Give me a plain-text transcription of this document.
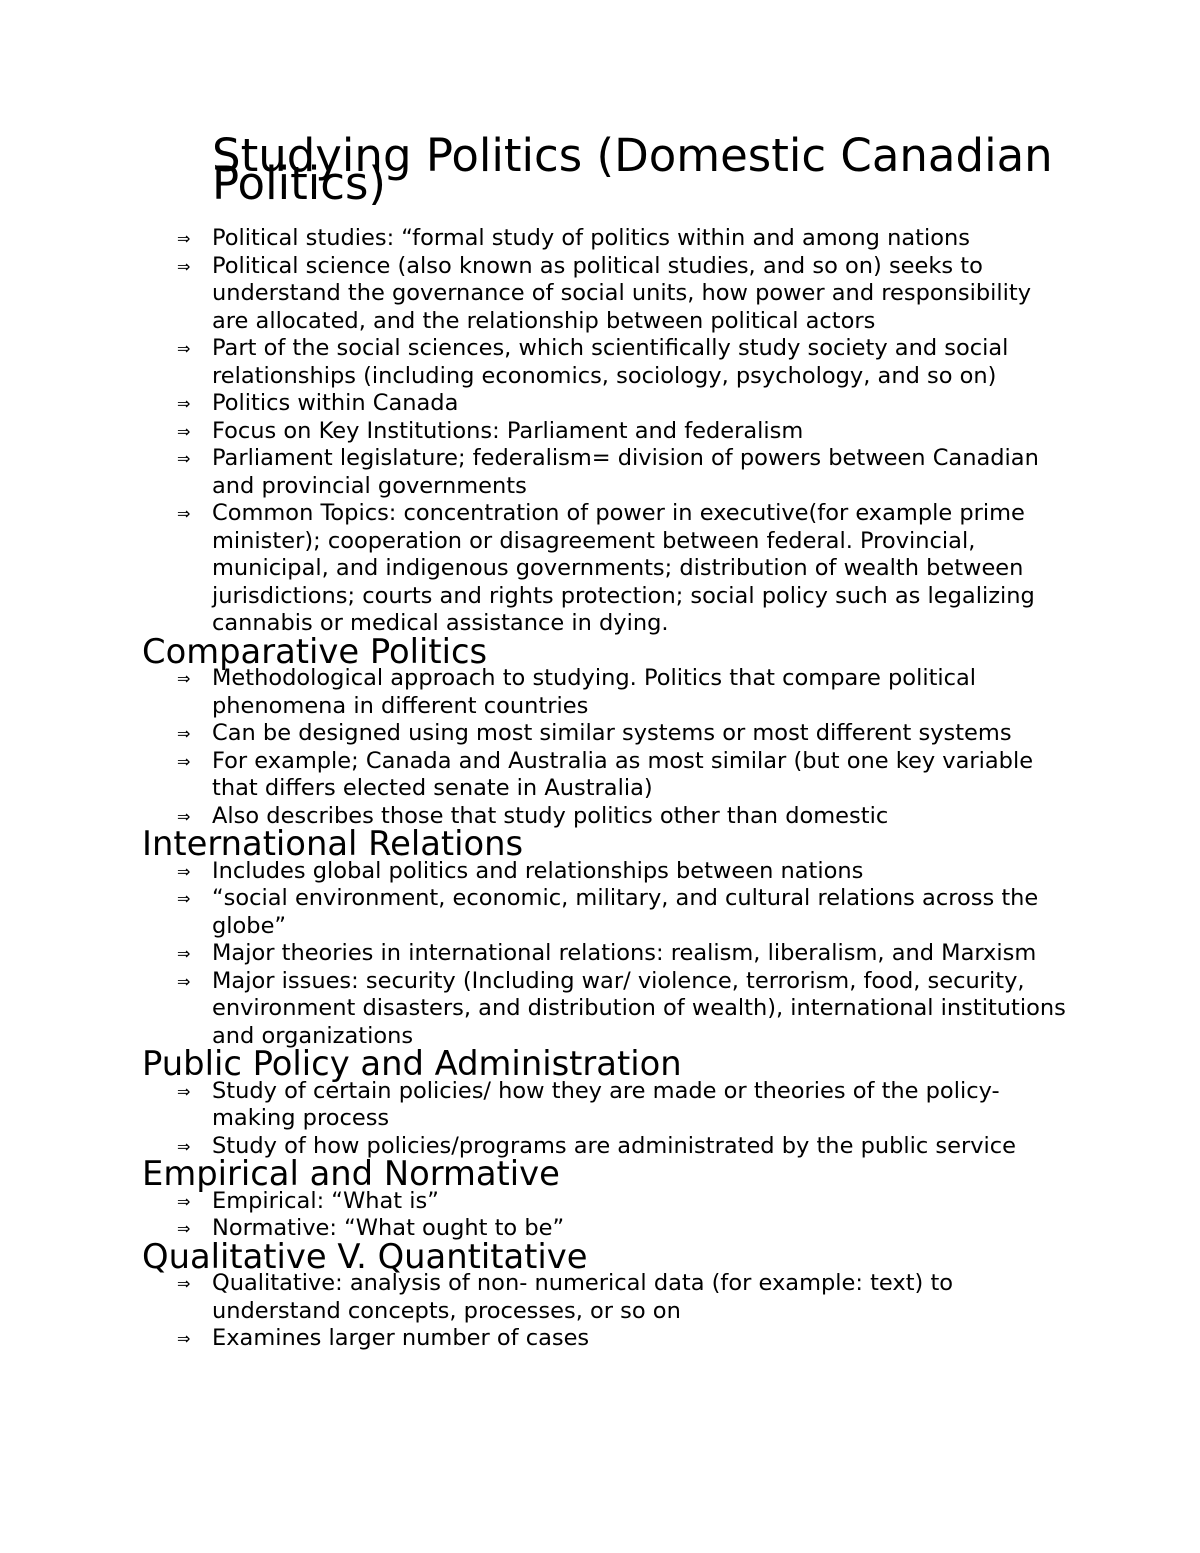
Studying Politics (Domestic Canadian Politics)
⇒ Political studies: “formal study of politics within and among nations
⇒ Political science (also known as political studies, and so on) seeks to understand the governance of social units, how power and responsibility are allocated, and the relationship between political actors
⇒ Part of the social sciences, which scientifically study society and social relationships (including economics, sociology, psychology, and so on)
⇒ Politics within Canada
⇒ Focus on Key Institutions: Parliament and federalism
⇒ Parliament legislature; federalism= division of powers between Canadian and provincial governments
⇒ Common Topics: concentration of power in executive(for example prime minister); cooperation or disagreement between federal. Provincial, municipal, and indigenous governments; distribution of wealth between jurisdictions; courts and rights protection; social policy such as legalizing cannabis or medical assistance in dying.
Comparative Politics
⇒ Methodological approach to studying. Politics that compare political phenomena in different countries
⇒ Can be designed using most similar systems or most different systems
⇒ For example; Canada and Australia as most similar (but one key variable that differs elected senate in Australia)
⇒ Also describes those that study politics other than domestic
International Relations
⇒ Includes global politics and relationships between nations
⇒ “social environment, economic, military, and cultural relations across the globe”
⇒ Major theories in international relations: realism, liberalism, and Marxism
⇒ Major issues: security (Including war/ violence, terrorism, food, security, environment disasters, and distribution of wealth), international institutions and organizations
Public Policy and Administration
⇒ Study of certain policies/ how they are made or theories of the policy-making process
⇒ Study of how policies/programs are administrated by the public service
Empirical and Normative
⇒ Empirical: “What is”
⇒ Normative: “What ought to be”
Qualitative V. Quantitative
⇒ Qualitative: analysis of non- numerical data (for example: text) to understand concepts, processes, or so on
⇒ Examines larger number of cases
